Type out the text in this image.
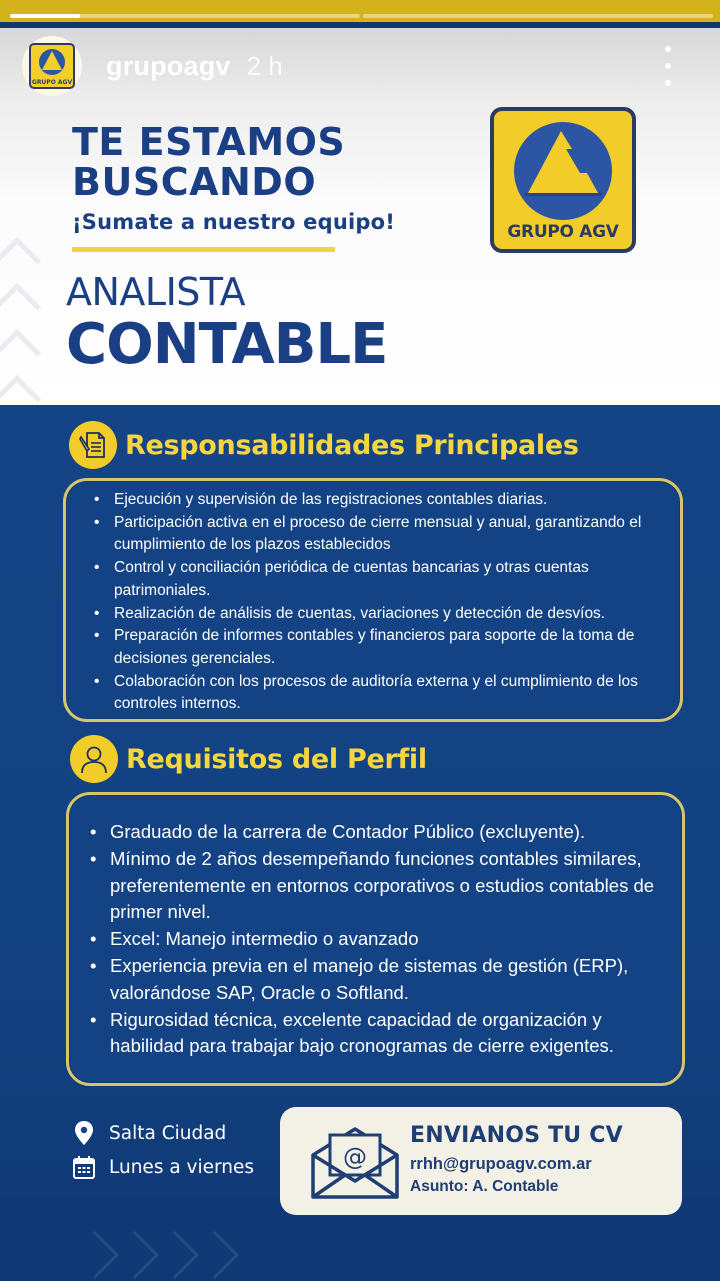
GRUPO AGV
grupoagv 2 h
TE ESTAMOS
BUSCANDO
¡Sumate a nuestro equipo!
ANALISTA
CONTABLE
GRUPO AGV
Responsabilidades Principales
• Ejecución y supervisión de las registraciones contables diarias.
• Participación activa en el proceso de cierre mensual y anual, garantizando el cumplimiento de los plazos establecidos
• Control y conciliación periódica de cuentas bancarias y otras cuentas patrimoniales.
• Realización de análisis de cuentas, variaciones y detección de desvíos.
• Preparación de informes contables y financieros para soporte de la toma de decisiones gerenciales.
• Colaboración con los procesos de auditoría externa y el cumplimiento de los controles internos.
Requisitos del Perfil
• Graduado de la carrera de Contador Público (excluyente).
• Mínimo de 2 años desempeñando funciones contables similares, preferentemente en entornos corporativos o estudios contables de primer nivel.
• Excel: Manejo intermedio o avanzado
• Experiencia previa en el manejo de sistemas de gestión (ERP), valorándose SAP, Oracle o Softland.
• Rigurosidad técnica, excelente capacidad de organización y habilidad para trabajar bajo cronogramas de cierre exigentes.
Salta Ciudad
Lunes a viernes	@
ENVIANOS TU CV
rrhh@grupoagv.com.ar
Asunto: A. Contable
